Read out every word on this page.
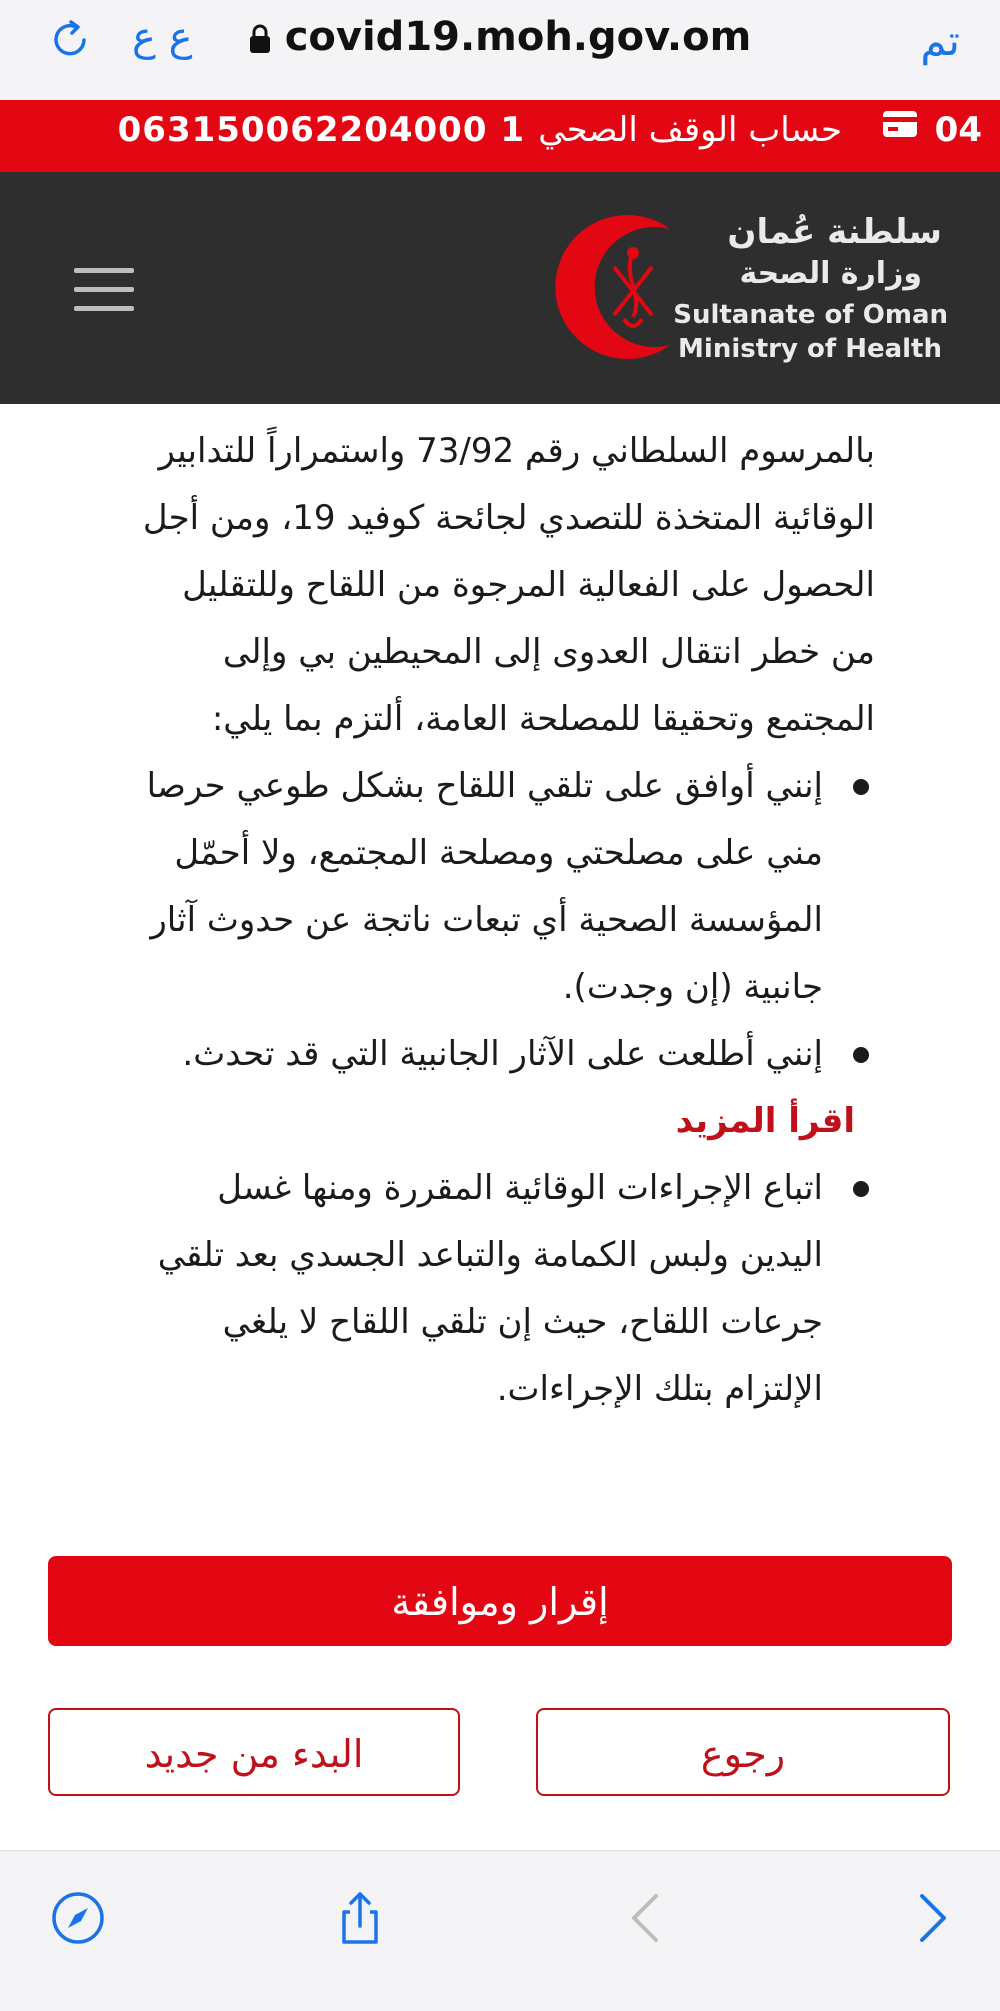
ع ع	covid19.moh.gov.om	تم
04
حساب الوقف الصحي
063150062204000 1
سلطنة عُمان
وزارة الصحة
Sultanate of Oman
Ministry of Health

بالمرسوم السلطاني رقم 73/92 واستمراراً للتدابير الوقائية المتخذة للتصدي لجائحة كوفيد 19، ومن أجل الحصول على الفعالية المرجوة من اللقاح وللتقليل من خطر انتقال العدوى إلى المحيطين بي وإلى المجتمع وتحقيقا للمصلحة العامة، ألتزم بما يلي:

إنني أوافق على تلقي اللقاح بشكل طوعي حرصا مني على مصلحتي ومصلحة المجتمع، ولا أحمّل المؤسسة الصحية أي تبعات ناتجة عن حدوث آثار جانبية (إن وجدت).
إنني أطلعت على الآثار الجانبية التي قد تحدث.
اقرأ المزيد
اتباع الإجراءات الوقائية المقررة ومنها غسل اليدين ولبس الكمامة والتباعد الجسدي بعد تلقي جرعات اللقاح، حيث إن تلقي اللقاح لا يلغي الإلتزام بتلك الإجراءات.
إقرار وموافقة
البدء من جديد	رجوع
